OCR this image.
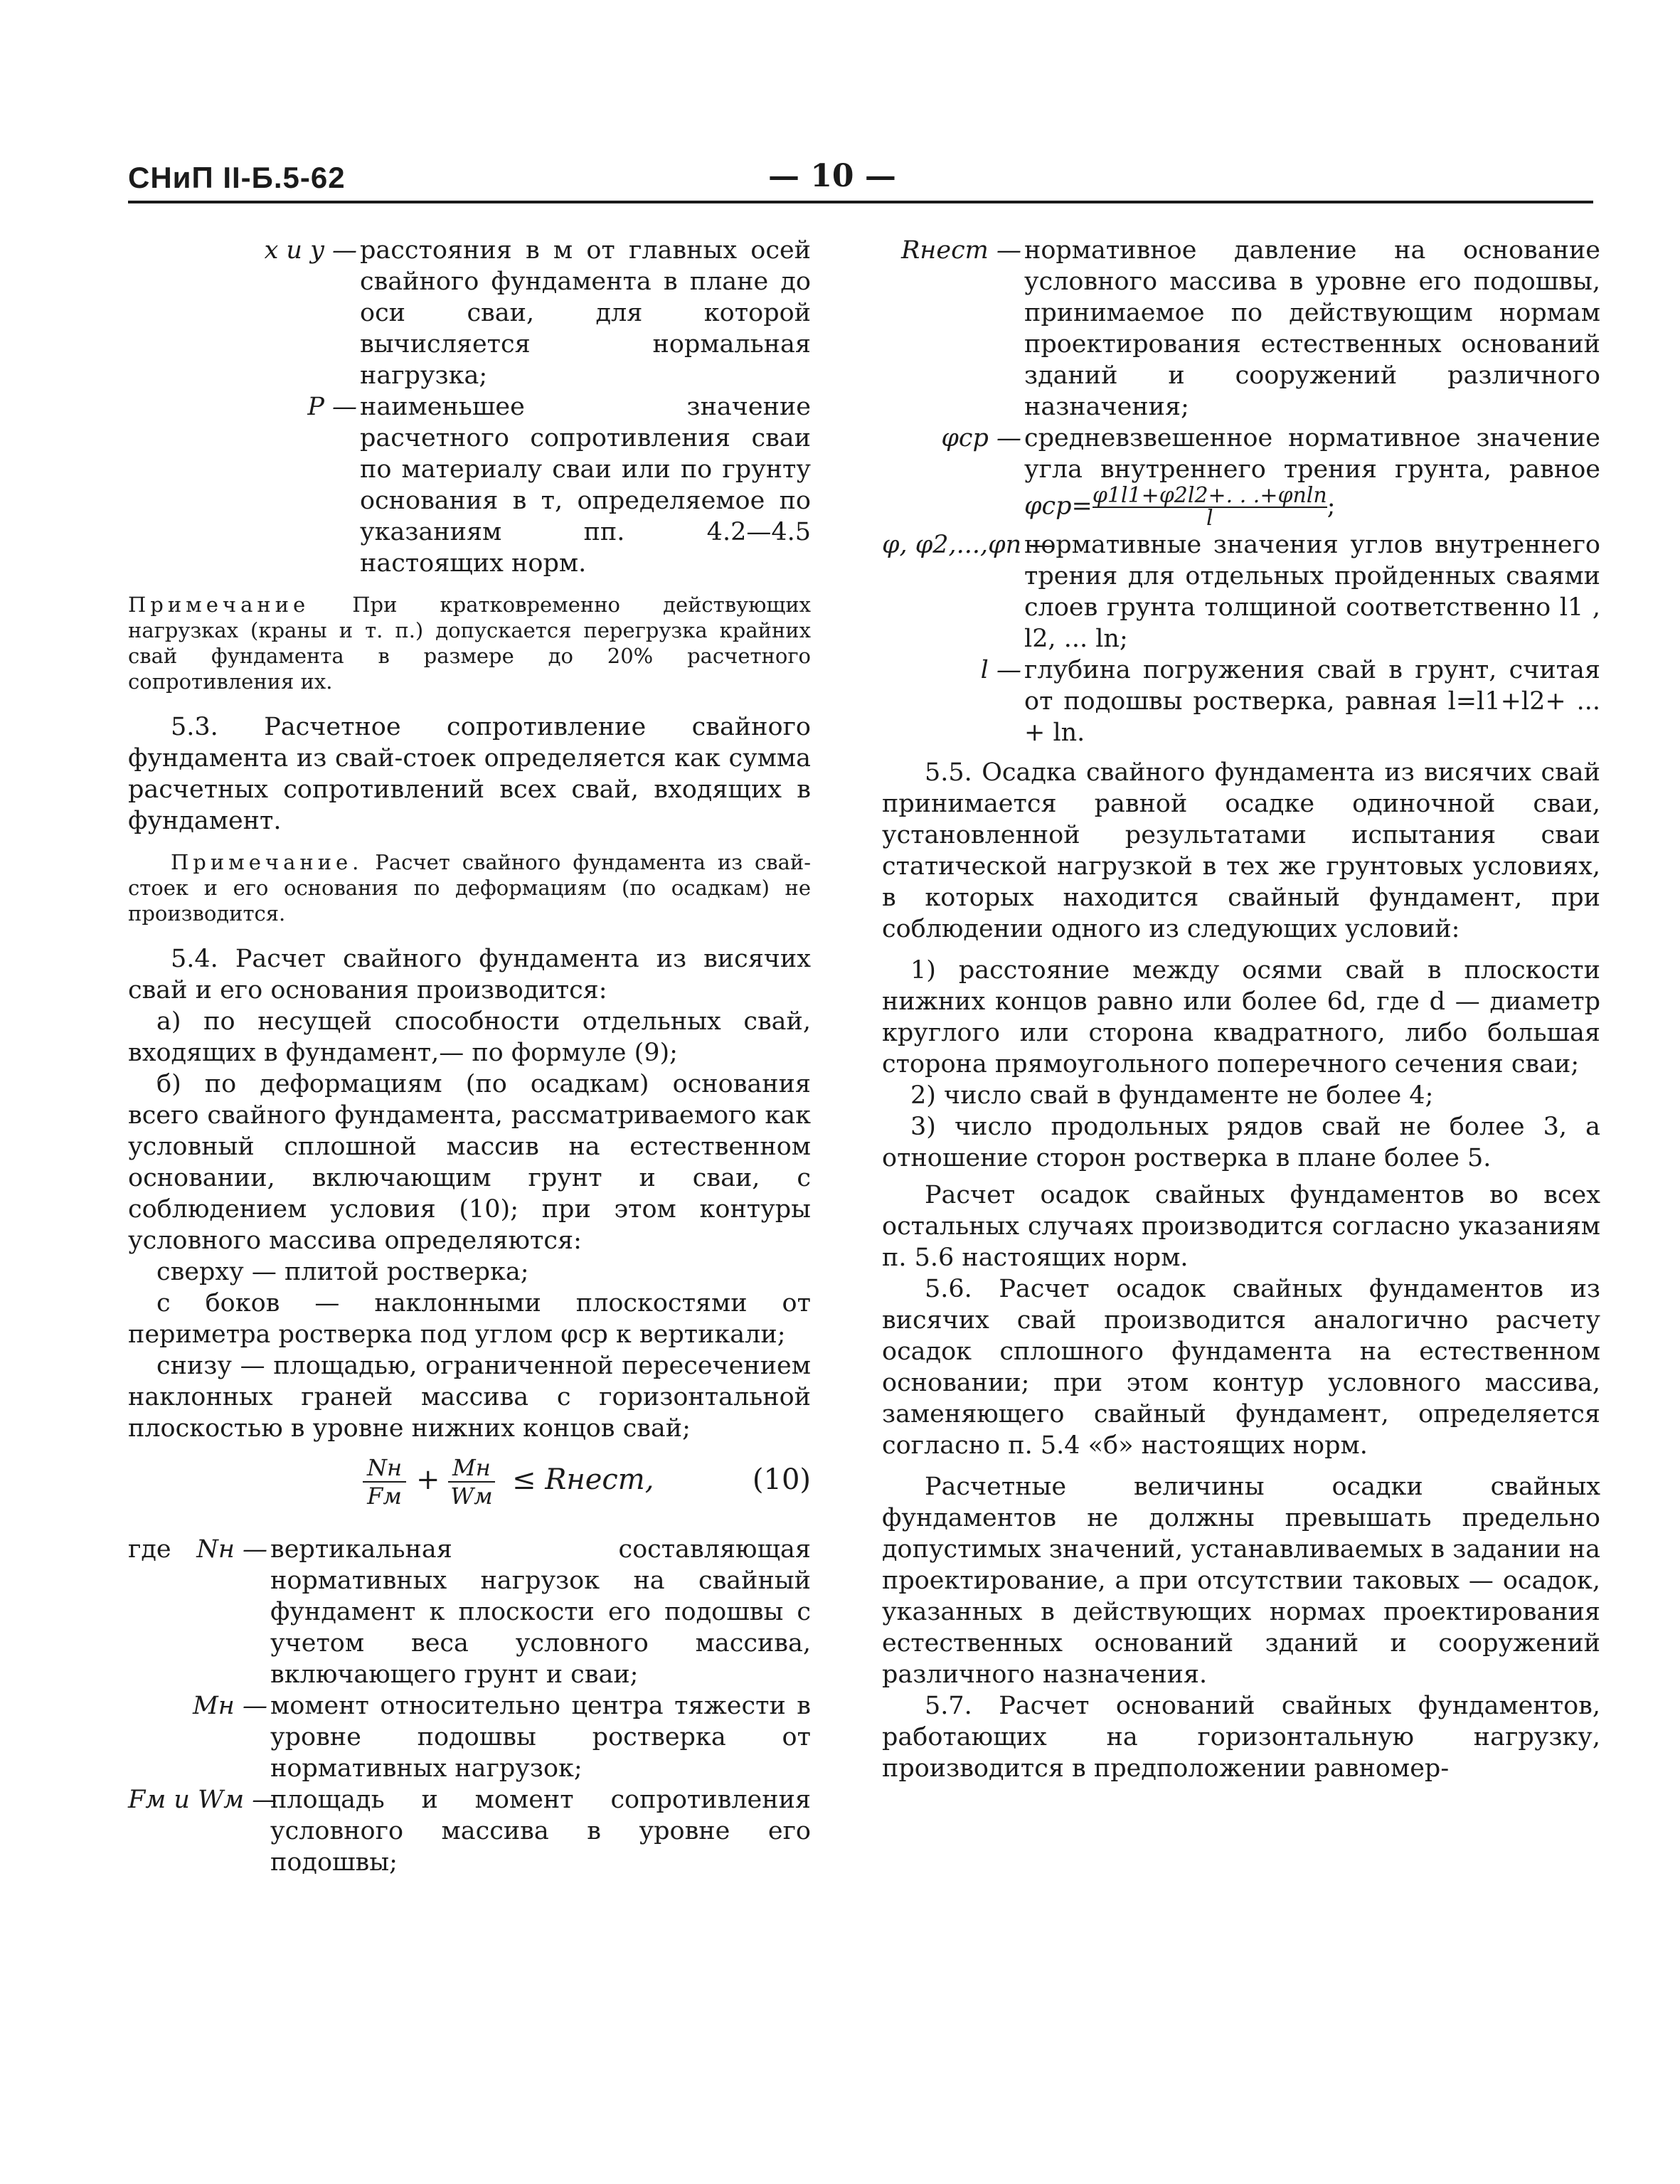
СНиП II-Б.5-62	— 10 —
x и y — расстояния в м от главных осей свайного фундамента в плане до оси сваи, для которой вычисляется нормальная нагрузка;
P — наименьшее значение расчетного сопротивления сваи по материалу сваи или по грунту основания в т, определяемое по указаниям пп. 4.2—4.5 настоящих норм.
Примечание При кратковременно действующих нагрузках (краны и т. п.) допускается перегрузка крайних свай фундамента в размере до 20% расчетного сопротивления их.

5.3. Расчетное сопротивление свайного фундамента из свай-стоек определяется как сумма расчетных сопротивлений всех свай, входящих в фундамент.

Примечание. Расчет свайного фундамента из свай-стоек и его основания по деформациям (по осадкам) не производится.

5.4. Расчет свайного фундамента из висячих свай и его основания производится:

а) по несущей способности отдельных свай, входящих в фундамент,— по формуле (9);

б) по деформациям (по осадкам) основания всего свайного фундамента, рассматриваемого как условный сплошной массив на естественном основании, включающим грунт и сваи, с соблюдением условия (10); при этом контуры условного массива определяются:

сверху — плитой ростверка;

с боков — наклонными плоскостями от периметра ростверка под углом φср к вертикали;

снизу — площадью, ограниченной пересечением наклонных граней массива с горизонтальной плоскостью в уровне нижних концов свай;

Nн
Fм + Mн
Wм ≤ Rнест,	(10)
где Nн — вертикальная составляющая нормативных нагрузок на свайный фундамент к плоскости его подошвы с учетом веса условного массива, включающего грунт и сваи;
Mн — момент относительно центра тяжести в уровне подошвы ростверка от нормативных нагрузок;
Fм и Wм —
площадь и момент сопротивления условного массива в уровне его подошвы;
Rнест — нормативное давление на основание условного массива в уровне его подошвы, принимаемое по действующим нормам проектирования естественных оснований зданий и сооружений различного назначения;
φср — средневзвешенное нормативное значение угла внутреннего трения грунта, равное $\varphi ср= \frac{\varphi 1l1+\varphi 2l2+. . .+\varphi nln}{l}$ ;
φ, φ2,...,φn —
нормативные значения углов внутреннего трения для отдельных пройденных сваями слоев грунта толщиной соответственно l1 , l2, ... ln;
l — глубина погружения свай в грунт, считая от подошвы ростверка, равная l=l1+l2+ ... + ln.

5.5. Осадка свайного фундамента из висячих свай принимается равной осадке одиночной сваи, установленной результатами испытания сваи статической нагрузкой в тех же грунтовых условиях, в которых находится свайный фундамент, при соблюдении одного из следующих условий:

1) расстояние между осями свай в плоскости нижних концов равно или более 6d, где d — диаметр круглого или сторона квадратного, либо большая сторона прямоугольного поперечного сечения сваи;

2) число свай в фундаменте не более 4;

3) число продольных рядов свай не более 3, а отношение сторон ростверка в плане более 5.

Расчет осадок свайных фундаментов во всех остальных случаях производится согласно указаниям п. 5.6 настоящих норм.

5.6. Расчет осадок свайных фундаментов из висячих свай производится аналогично расчету осадок сплошного фундамента на естественном основании; при этом контур условного массива, заменяющего свайный фундамент, определяется согласно п. 5.4 «б» настоящих норм.

Расчетные величины осадки свайных фундаментов не должны превышать предельно допустимых значений, устанавливаемых в задании на проектирование, а при отсутствии таковых — осадок, указанных в действующих нормах проектирования естественных оснований зданий и сооружений различного назначения.

5.7. Расчет оснований свайных фундаментов, работающих на горизонтальную нагрузку, производится в предположении равномер-
